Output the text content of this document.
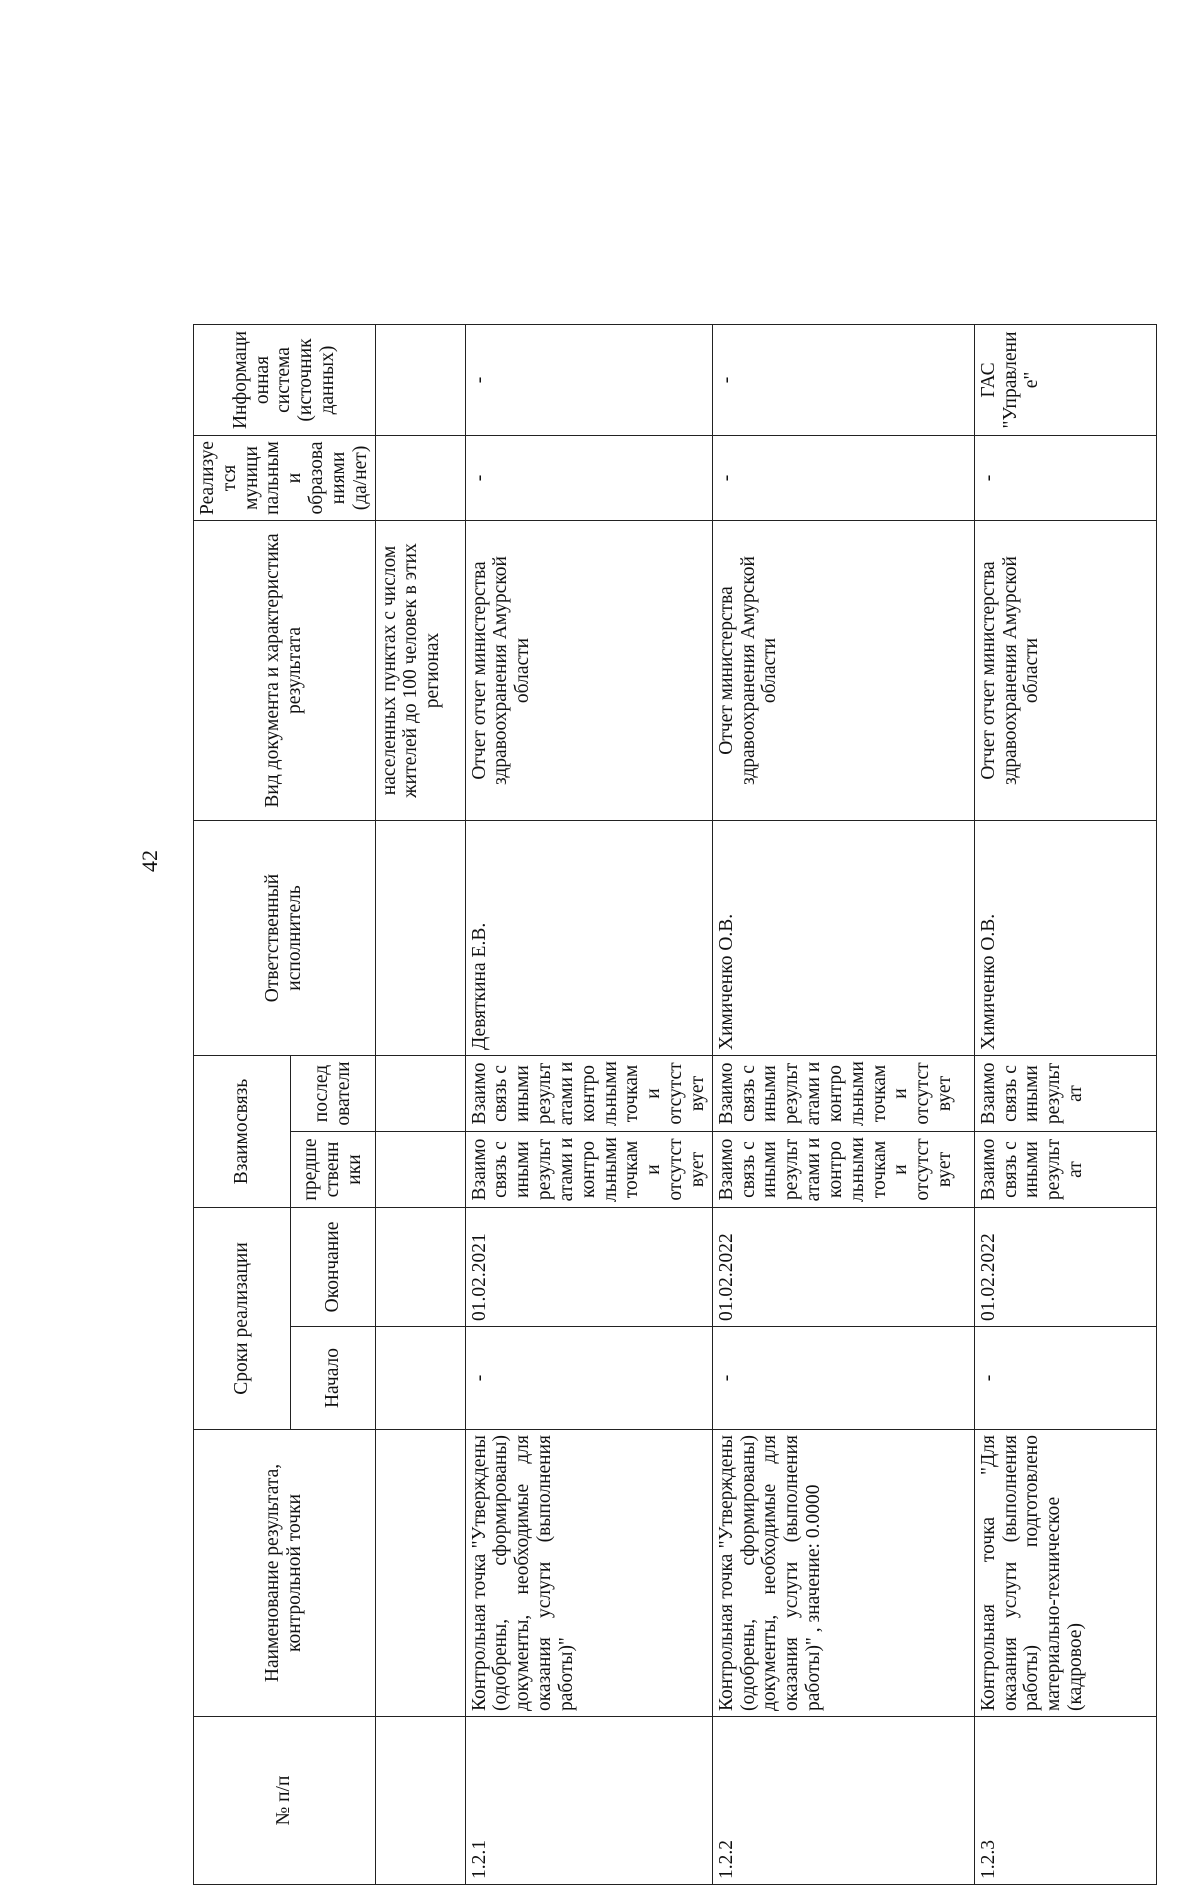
42
№ п/п	Наименование результата, контрольной точки	Сроки реализации		Взаимосвязь		Ответственный исполнитель	Вид документа и характеристика результата	Реализуется муниципальными образованиями (да/нет)	Информационная система (источник данных)
		Начало	Окончание	предшественники	последователи				
							населенных пунктах с числом жителей до 100 человек в этих регионах		
1.2.1	Контрольная точка "Утверждены (одобрены, сформированы) документы, необходимые для оказания услуги (выполнения работы)"	-	01.02.2021	Взаимосвязь с иными результатами и контрольными точками отсутствует	Взаимосвязь с иными результатами и контрольными точками отсутствует	Девяткина Е.В.	Отчет отчет министерства здравоохранения Амурской области	-	-
1.2.2	Контрольная точка "Утверждены (одобрены, сформированы) документы, необходимые для оказания услуги (выполнения работы)" , значение: 0.0000	-	01.02.2022	Взаимосвязь с иными результатами и контрольными точками отсутствует	Взаимосвязь с иными результатами и контрольными точками отсутствует	Химиченко О.В.	Отчет министерства здравоохранения Амурской области	-	-
1.2.3	Контрольная точка "Для оказания услуги (выполнения работы) подготовлено материально-техническое (кадровое)	-	01.02.2022	Взаимосвязь с иными результат	Взаимосвязь с иными результат	Химиченко О.В.	Отчет отчет министерства здравоохранения Амурской области	-	ГАС "Управление"
